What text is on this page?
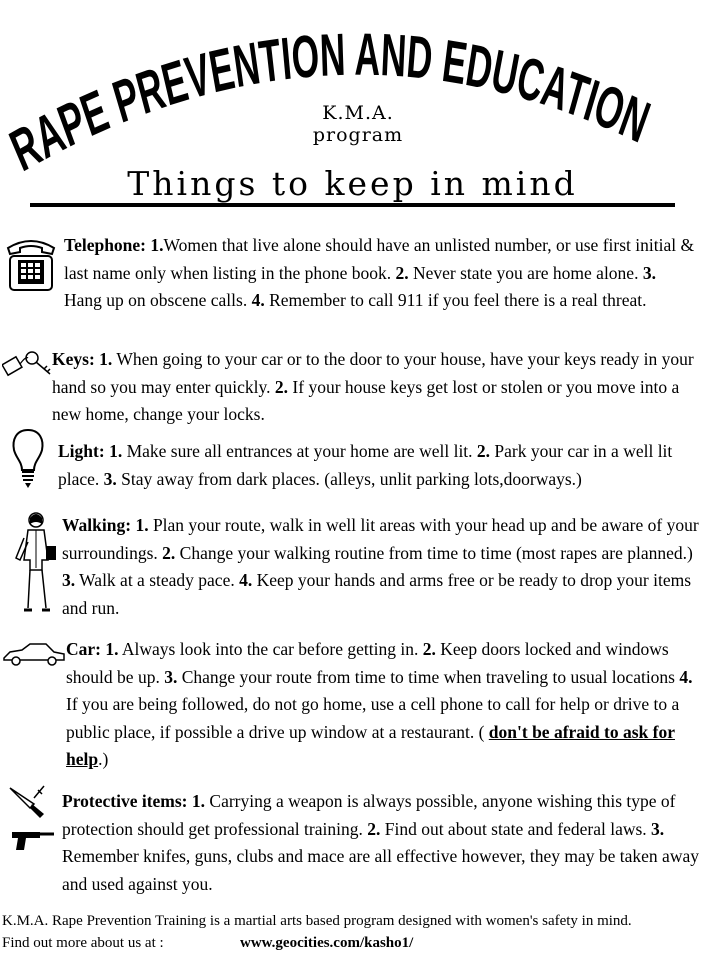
RAPE PREVENTION AND EDUCATION
K.M.A.
program
Things to keep in mind
Telephone: 1.Women that live alone should have an unlisted number, or use first initial & last name only when listing in the phone book. 2. Never state you are home alone. 3. Hang up on obscene calls. 4. Remember to call 911 if you feel there is a real threat.
Keys: 1. When going to your car or to the door to your house, have your keys ready in your hand so you may enter quickly. 2. If your house keys get lost or stolen or you move into a new home, change your locks.
Light: 1. Make sure all entrances at your home are well lit. 2. Park your car in a well lit place. 3. Stay away from dark places. (alleys, unlit parking lots,doorways.)
Walking: 1. Plan your route, walk in well lit areas with your head up and be aware of your surroundings. 2. Change your walking routine from time to time (most rapes are planned.) 3. Walk at a steady pace. 4. Keep your hands and arms free or be ready to drop your items and run.
Car: 1. Always look into the car before getting in. 2. Keep doors locked and windows should be up. 3. Change your route from time to time when traveling to usual locations 4. If you are being followed, do not go home, use a cell phone to call for help or drive to a public place, if possible a drive up window at a restaurant. ( don't be afraid to ask for help.)
Protective items: 1. Carrying a weapon is always possible, anyone wishing this type of protection should get professional training. 2. Find out about state and federal laws. 3. Remember knifes, guns, clubs and mace are all effective however, they may be taken away and used against you.
K.M.A. Rape Prevention Training is a martial arts based program designed with women's safety in mind.
Find out more about us at :	www.geocities.com/kasho1/
